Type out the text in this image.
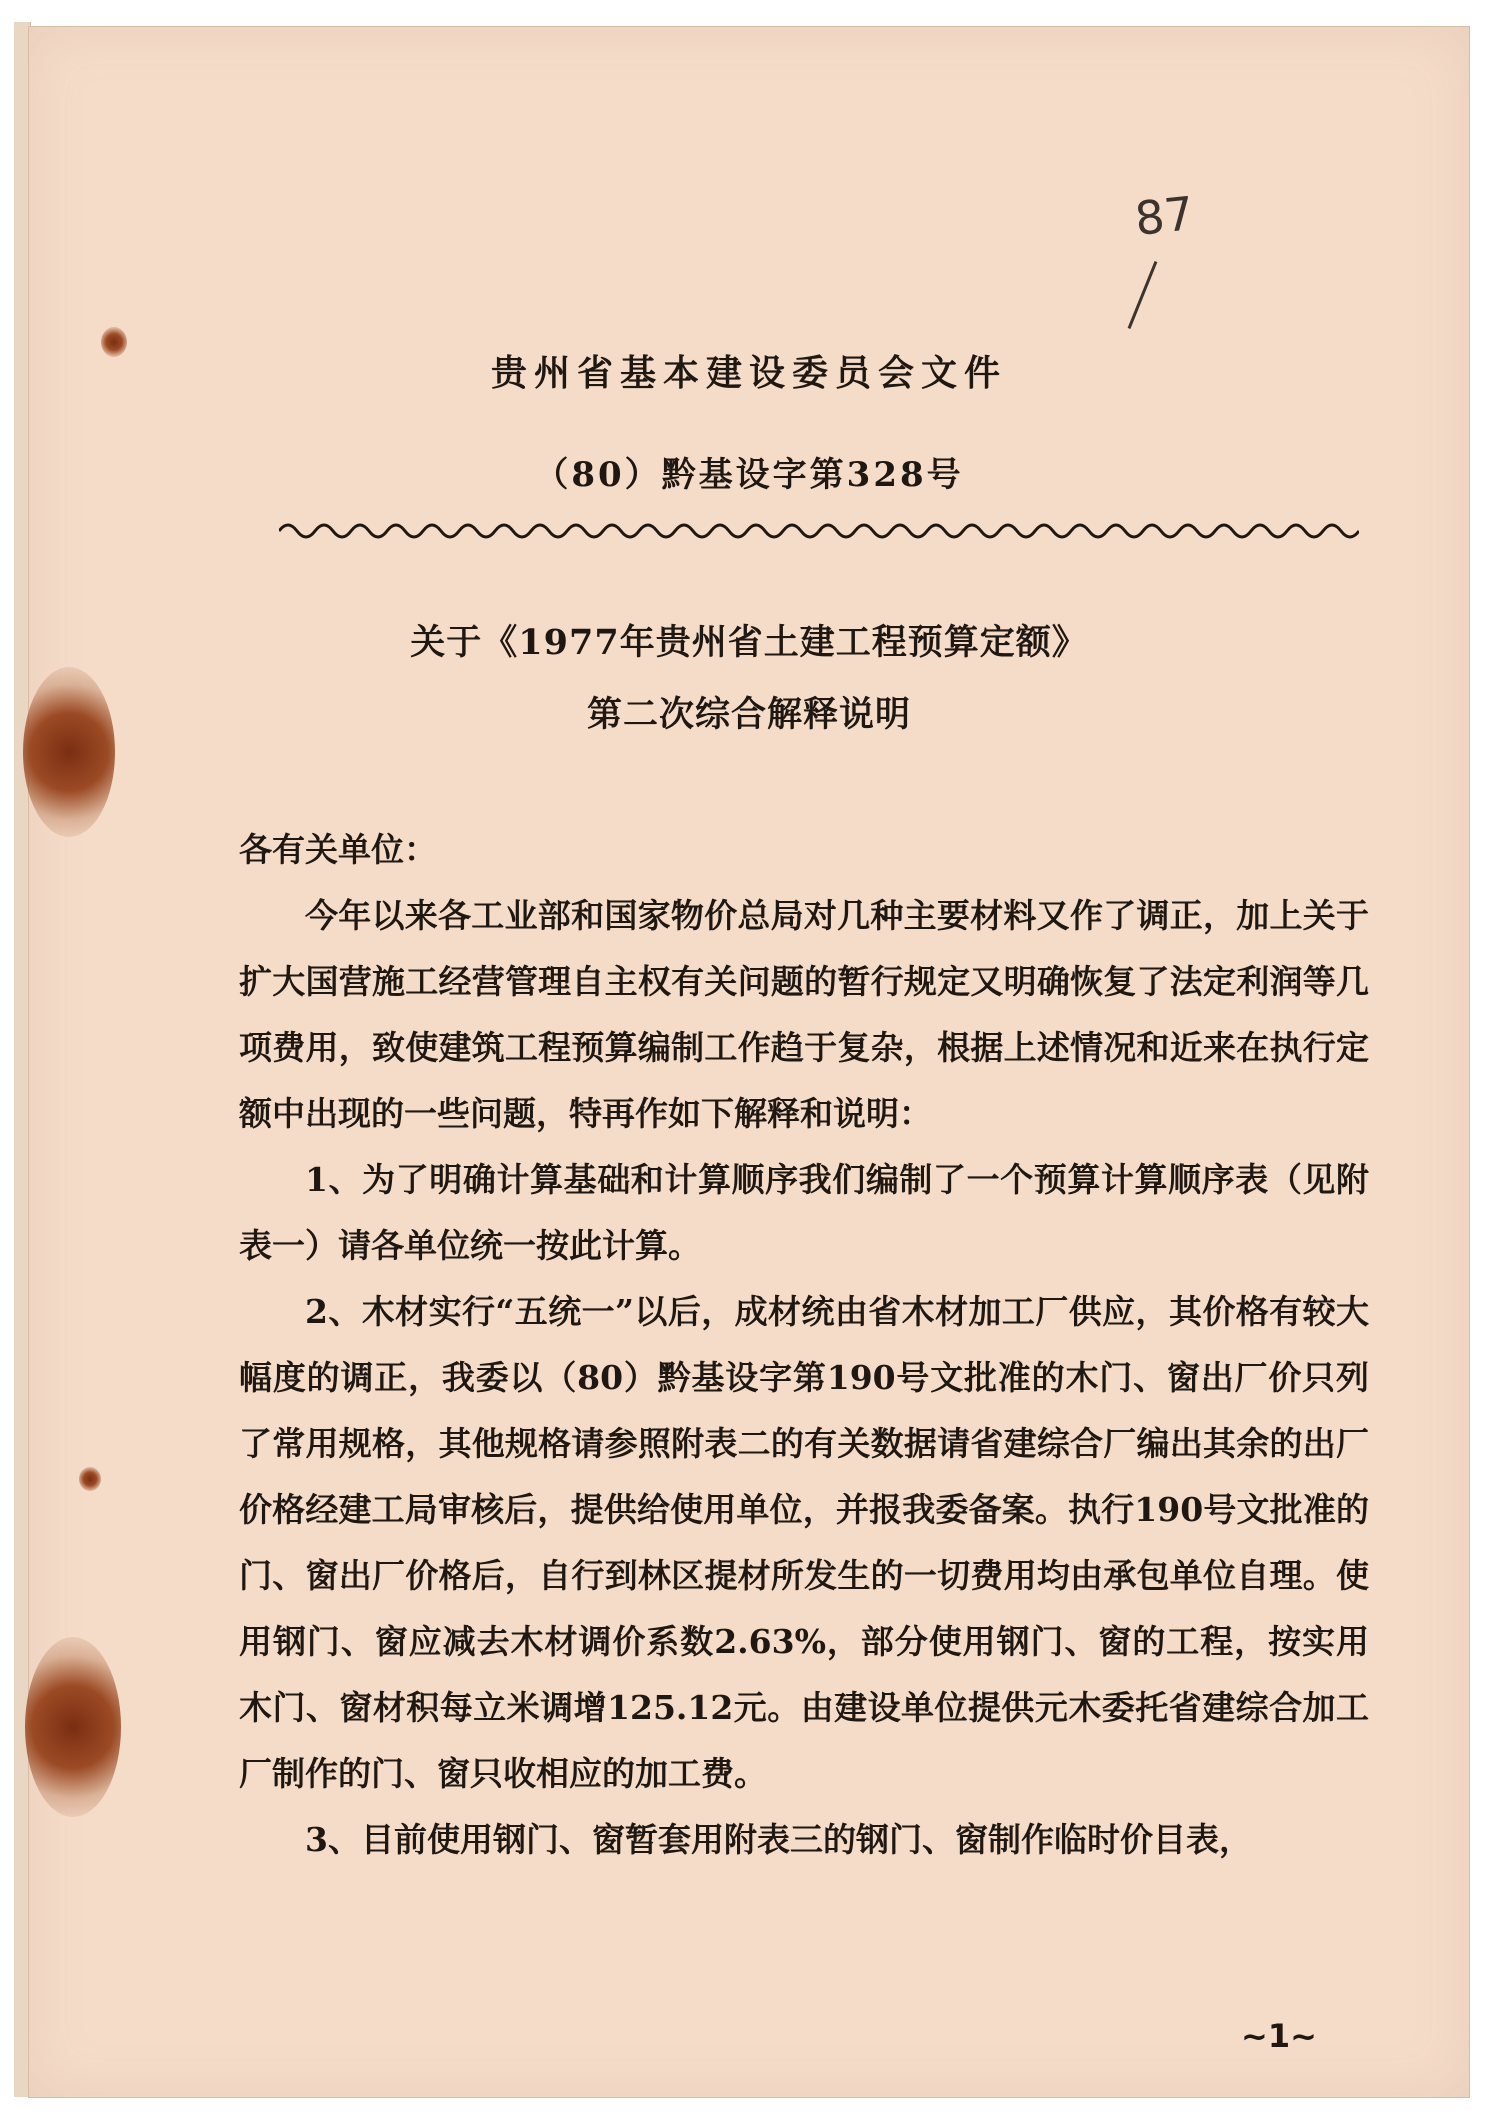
87
贵州省基本建设委员会文件
（80）黔基设字第328号
关于《1977年贵州省土建工程预算定额》
第二次综合解释说明

各有关单位：

今年以来各工业部和国家物价总局对几种主要材料又作了调正，加上关于扩大国营施工经营管理自主权有关问题的暂行规定又明确恢复了法定利润等几项费用，致使建筑工程预算编制工作趋于复杂，根据上述情况和近来在执行定额中出现的一些问题，特再作如下解释和说明：

1、为了明确计算基础和计算顺序我们编制了一个预算计算顺序表（见附表一）请各单位统一按此计算。

2、木材实行“五统一”以后，成材统由省木材加工厂供应，其价格有较大幅度的调正，我委以（80）黔基设字第190号文批准的木门、窗出厂价只列了常用规格，其他规格请参照附表二的有关数据请省建综合厂编出其余的出厂价格经建工局审核后，提供给使用单位，并报我委备案。执行190号文批准的门、窗出厂价格后，自行到林区提材所发生的一切费用均由承包单位自理。使用钢门、窗应减去木材调价系数2.63%，部分使用钢门、窗的工程，按实用木门、窗材积每立米调增125.12元。由建设单位提供元木委托省建综合加工厂制作的门、窗只收相应的加工费。

3、目前使用钢门、窗暂套用附表三的钢门、窗制作临时价目表，

~1~
